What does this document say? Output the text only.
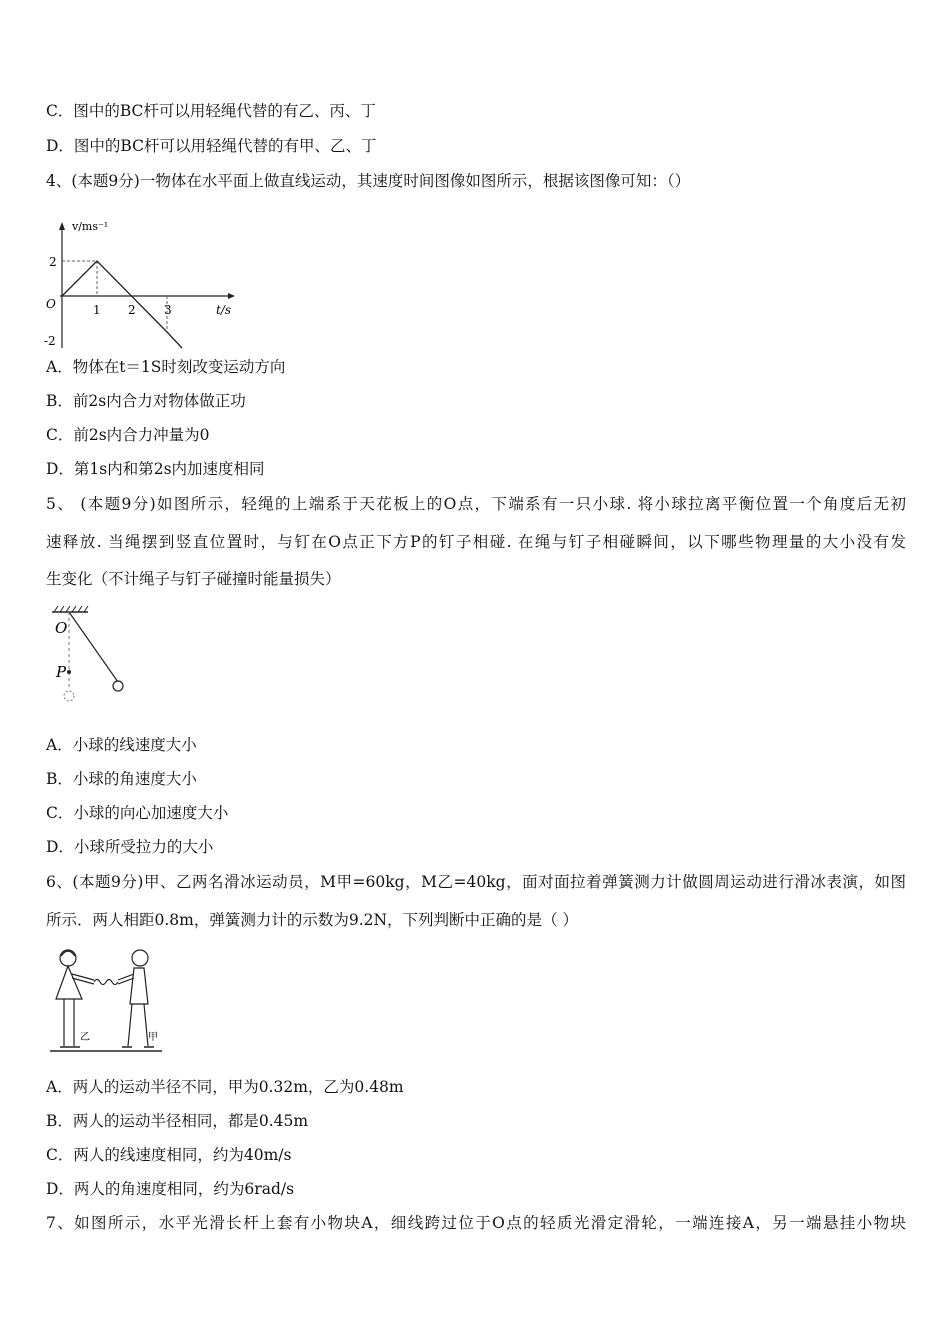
C．图中的BC杆可以用轻绳代替的有乙、丙、丁
D．图中的BC杆可以用轻绳代替的有甲、乙、丁
4、(本题9分)一物体在水平面上做直线运动，其速度时间图像如图所示，根据该图像可知：（）
v/ms⁻¹
t/s
O
2
-2
1 2 3
A．物体在t＝1S时刻改变运动方向
B．前2s内合力对物体做正功
C．前2s内合力冲量为0
D．第1s内和第2s内加速度相同
5、 (本题9分)如图所示，轻绳的上端系于天花板上的O点，下端系有一只小球. 将小球拉离平衡位置一个角度后无初
速释放. 当绳摆到竖直位置时，与钉在O点正下方P的钉子相碰. 在绳与钉子相碰瞬间，以下哪些物理量的大小没有发
生变化（不计绳子与钉子碰撞时能量损失）
O
P
A．小球的线速度大小
B．小球的角速度大小
C．小球的向心加速度大小
D．小球所受拉力的大小
6、(本题9分)甲、乙两名滑冰运动员，M甲=60kg，M乙=40kg，面对面拉着弹簧测力计做圆周运动进行滑冰表演，如图
所示．两人相距0.8m，弹簧测力计的示数为9.2N，下列判断中正确的是（ ）
乙	甲
A．两人的运动半径不同，甲为0.32m，乙为0.48m
B．两人的运动半径相同，都是0.45m
C．两人的线速度相同，约为40m/s
D．两人的角速度相同，约为6rad/s
7、如图所示，水平光滑长杆上套有小物块A，细线跨过位于O点的轻质光滑定滑轮，一端连接A，另一端悬挂小物块
